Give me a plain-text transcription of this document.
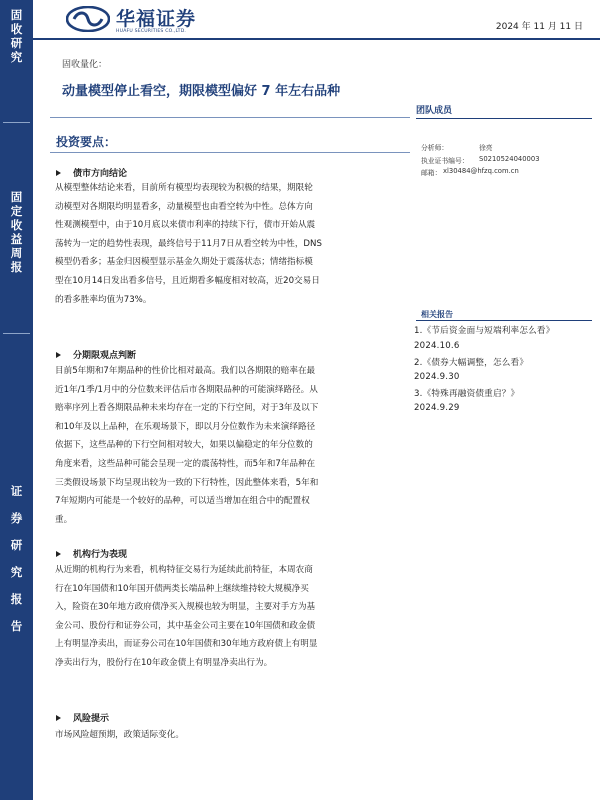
固
收
研
究
固
定
收
益
周
报
证
券
研
究
报
告
华福证券
HUAFU SECURITIES CO.,LTD.	2024 年 11 月 11 日
固收量化：
动量模型停止看空，期限模型偏好 7 年左右品种
投资要点：
债市方向结论
从模型整体结论来看，目前所有模型均表现较为积极的结果，期限轮
动模型对各期限均明显看多，动量模型也由看空转为中性。总体方向
性观测模型中，由于10月底以来债市利率的持续下行，债市开始从震
荡转为一定的趋势性表现，最终信号于11月7日从看空转为中性，DNS
模型仍看多；基金归因模型显示基金久期处于震荡状态；情绪指标模
型在10月14日发出看多信号，且近期看多幅度相对较高，近20交易日
的看多胜率均值为73%。
分期限观点判断
目前5年期和7年期品种的性价比相对最高。我们以各期限的赔率在最
近1年/1季/1月中的分位数来评估后市各期限品种的可能演绎路径。从
赔率序列上看各期限品种未来均存在一定的下行空间，对于3年及以下
和10年及以上品种，在乐观场景下，即以月分位数作为未来演绎路径
依据下，这些品种的下行空间相对较大，如果以偏稳定的年分位数的
角度来看，这些品种可能会呈现一定的震荡特性，而5年和7年品种在
三类假设场景下均呈现出较为一致的下行特性，因此整体来看，5年和
7年短期内可能是一个较好的品种，可以适当增加在组合中的配置权
重。
机构行为表现
从近期的机构行为来看，机构特征交易行为延续此前特征，本周农商
行在10年国债和10年国开债两类长端品种上继续维持较大规模净买
入，险资在30年地方政府债净买入规模也较为明显，主要对手方为基
金公司、股份行和证券公司，其中基金公司主要在10年国债和政金债
上有明显净卖出，而证券公司在10年国债和30年地方政府债上有明显
净卖出行为，股份行在10年政金债上有明显净卖出行为。
风险提示
市场风险超预期，政策适际变化。
团队成员
分析师：	徐亮
执业证书编号： S0210524040003
邮箱： xl30484@hfzq.com.cn
相关报告
1.《节后资金面与短端利率怎么看》
2024.10.6
2.《债券大幅调整，怎么看》
2024.9.30
3.《特殊再融资债重启？》
2024.9.29
